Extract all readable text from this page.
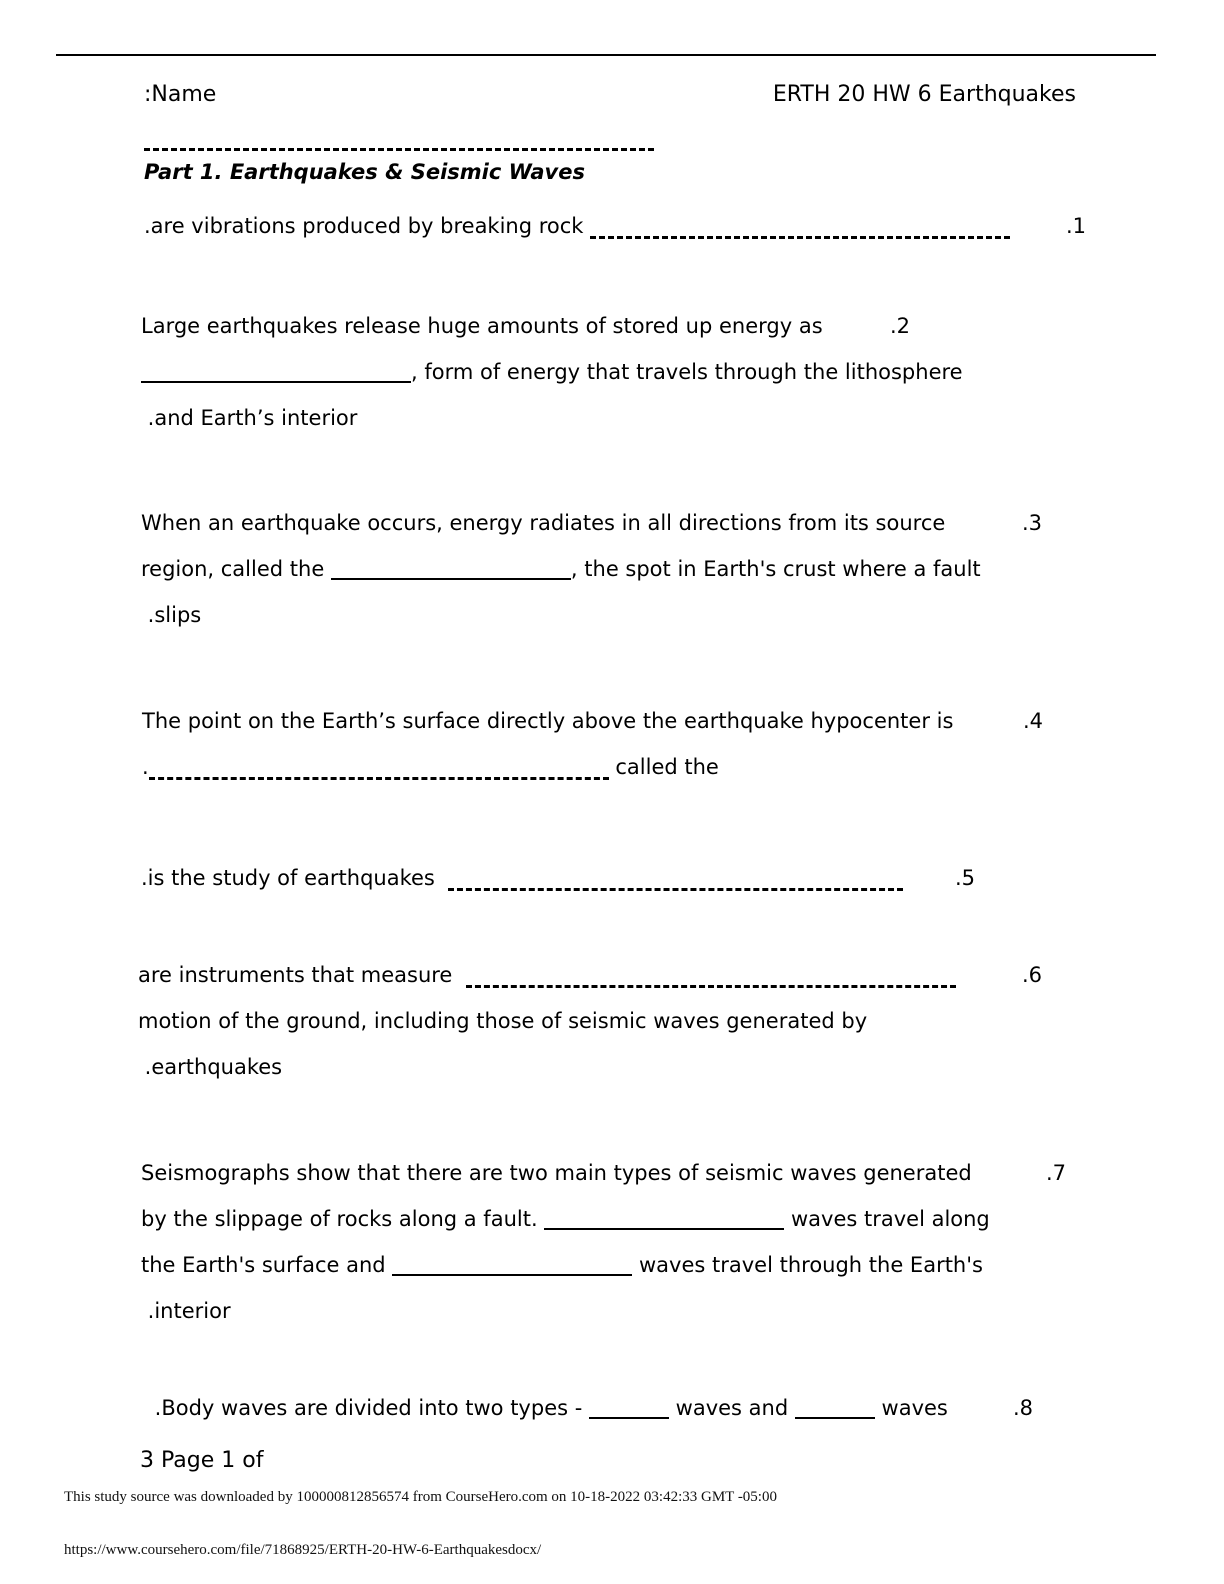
:Name	ERTH 20 HW 6 Earthquakes
Part 1. Earthquakes & Seismic Waves
.are vibrations produced by breaking rock	.1
Large earthquakes release huge amounts of stored up energy as
, form of energy that travels through the lithosphere
.and Earth’s interior
.2
When an earthquake occurs, energy radiates in all directions from its source
region, called the	, the spot in Earth's crust where a fault
.slips
.3
The point on the Earth’s surface directly above the earthquake hypocenter is
.	called the
.4
.is the study of earthquakes	.5
are instruments that measure
motion of the ground, including those of seismic waves generated by
.earthquakes
.6
Seismographs show that there are two main types of seismic waves generated
by the slippage of rocks along a fault.	waves travel along
the Earth's surface and	waves travel through the Earth's
.interior
.7
.Body waves are divided into two types -	waves and	waves	.8
3 Page 1 of
This study source was downloaded by 100000812856574 from CourseHero.com on 10-18-2022 03:42:33 GMT -05:00
https://www.coursehero.com/file/71868925/ERTH-20-HW-6-Earthquakesdocx/
